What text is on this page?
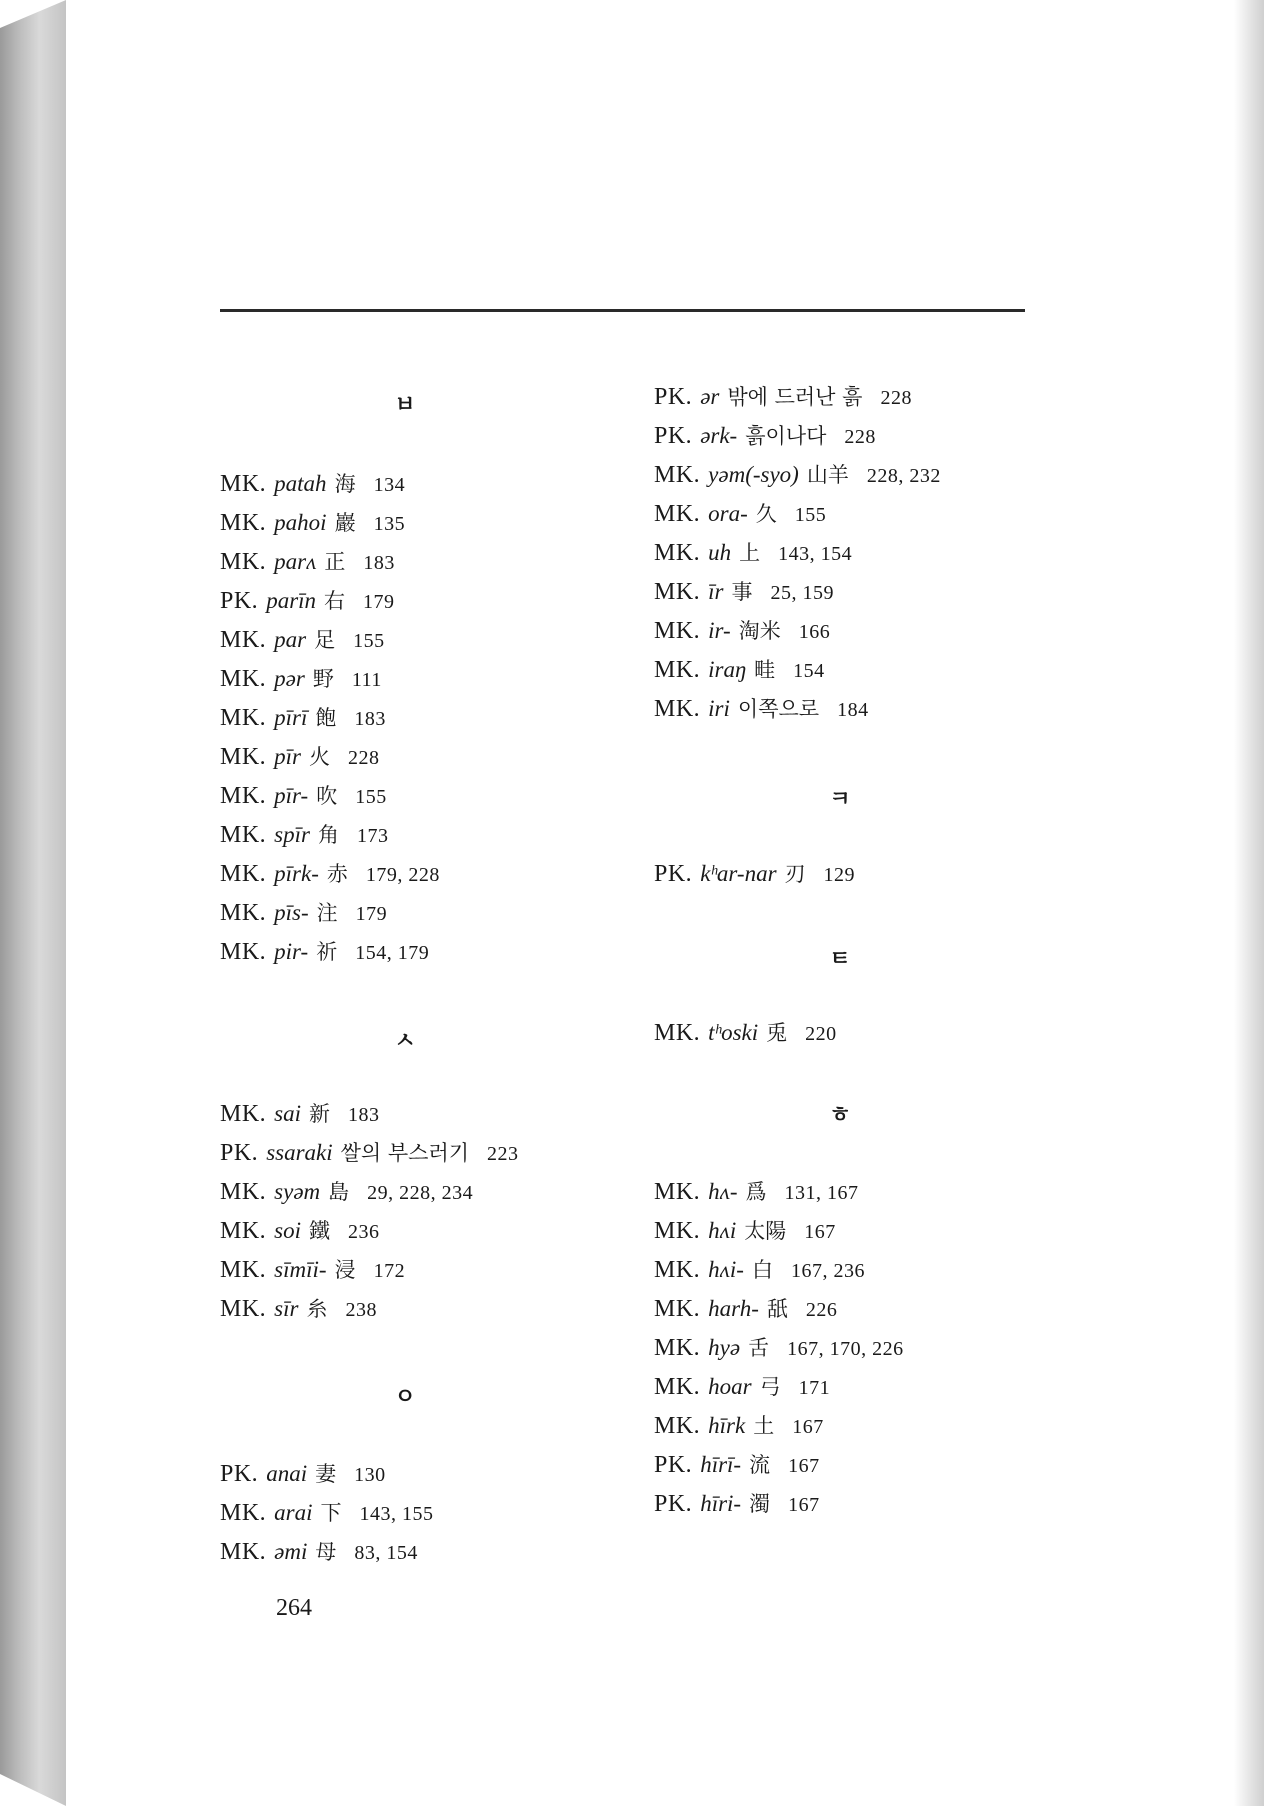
ㅂ
MK. patah 海 134
MK. pahoi 巖 135
MK. parʌ 正 183
PK. parīn 右 179
MK. par 足 155
MK. pər 野 111
MK. pīrī 飽 183
MK. pīr 火 228
MK. pīr- 吹 155
MK. spīr 角 173
MK. pīrk- 赤 179, 228
MK. pīs- 注 179
MK. pir- 祈 154, 179
ㅅ
MK. sai 新 183
PK. ssaraki 쌀의 부스러기 223
MK. syəm 島 29, 228, 234
MK. soi 鐵 236
MK. sīmīi- 浸 172
MK. sīr 糸 238
ㅇ
PK. anai 妻 130
MK. arai 下 143, 155
MK. əmi 母 83, 154
PK. ər 밖에 드러난 흙 228
PK. ərk- 흙이나다 228
MK. yəm(-syo) 山羊 228, 232
MK. ora- 久 155
MK. uh 上 143, 154
MK. īr 事 25, 159
MK. ir- 淘米 166
MK. iraŋ 畦 154
MK. iri 이쪽으로 184
ㅋ
PK. kʰar-nar 刃 129
ㅌ
MK. tʰoski 兎 220
ㅎ
MK. hʌ- 爲 131, 167
MK. hʌi 太陽 167
MK. hʌi- 白 167, 236
MK. harh- 舐 226
MK. hyə 舌 167, 170, 226
MK. hoar 弓 171
MK. hīrk 土 167
PK. hīrī- 流 167
PK. hīri- 濁 167
264
